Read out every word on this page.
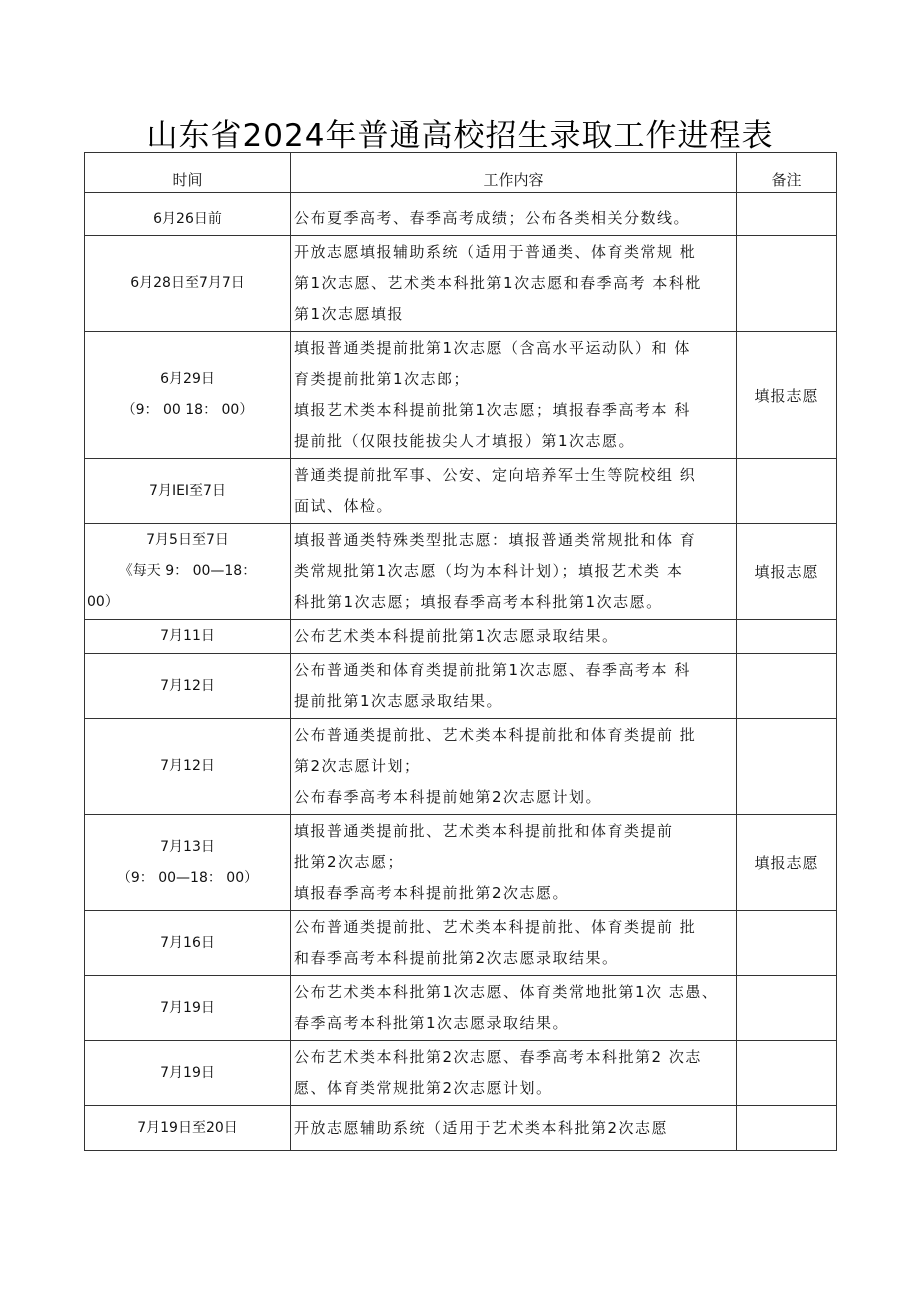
山东省2024年普通高校招生录取工作进程表
时间	工作内容	备注

6月26日前	公布夏季高考、春季高考成绩；公布各类相关分数线。	

6月28日至7月7日	开放志愿填报辅助系统（适用于普通类、体育类常规 枇
第1次志愿、艺术类本科批第1次志愿和春季高考 本科枇
第1次志愿填报	

6月29日
（9： 00 18： 00）	填报普通类提前批第1次志愿（含高水平运动队）和 体
育类提前批第1次志郎；
填报艺术类本科提前批第1次志愿；填报春季高考本 科
提前批（仅限技能拔尖人才填报）第1次志愿。	填报志愿

7月IEI至7日	普通类提前批军事、公安、定向培养军士生等院校组 织
面试、体检。	

7月5日至7日
《每天 9： 00—18：
00）	填报普通类特殊类型批志愿：填报普通类常规批和体 育
类常规批第1次志愿（均为本科计划）；填报艺术类 本
科批第1次志愿；填报春季高考本科批第1次志愿。	填报志愿

7月11日	公布艺术类本科提前批第1次志愿录取结果。	

7月12日	公布普通类和体育类提前批第1次志愿、春季高考本 科
提前批第1次志愿录取结果。	

7月12日	公布普通类提前批、艺术类本科提前批和体育类提前 批
第2次志愿计划；
公布春季高考本科提前她第2次志愿计划。	

7月13日
（9： 00—18： 00）	填报普通类提前批、艺术类本科提前批和体育类提前
批第2次志愿；
填报春季高考本科提前批第2次志愿。	填报志愿

7月16日	公布普通类提前批、艺术类本科提前批、体育类提前 批
和春季高考本科提前批第2次志愿录取结果。	

7月19日	公布艺术类本科批第1次志愿、体育类常地批第1次 志愚、
春季高考本科批第1次志愿录取结果。	

7月19日	公布艺术类本科批第2次志愿、春季高考本科批第2 次志
愿、体育类常规批第2次志愿计划。	

7月19日至20日	开放志愿辅助系统（适用于艺术类本科批第2次志愿	
